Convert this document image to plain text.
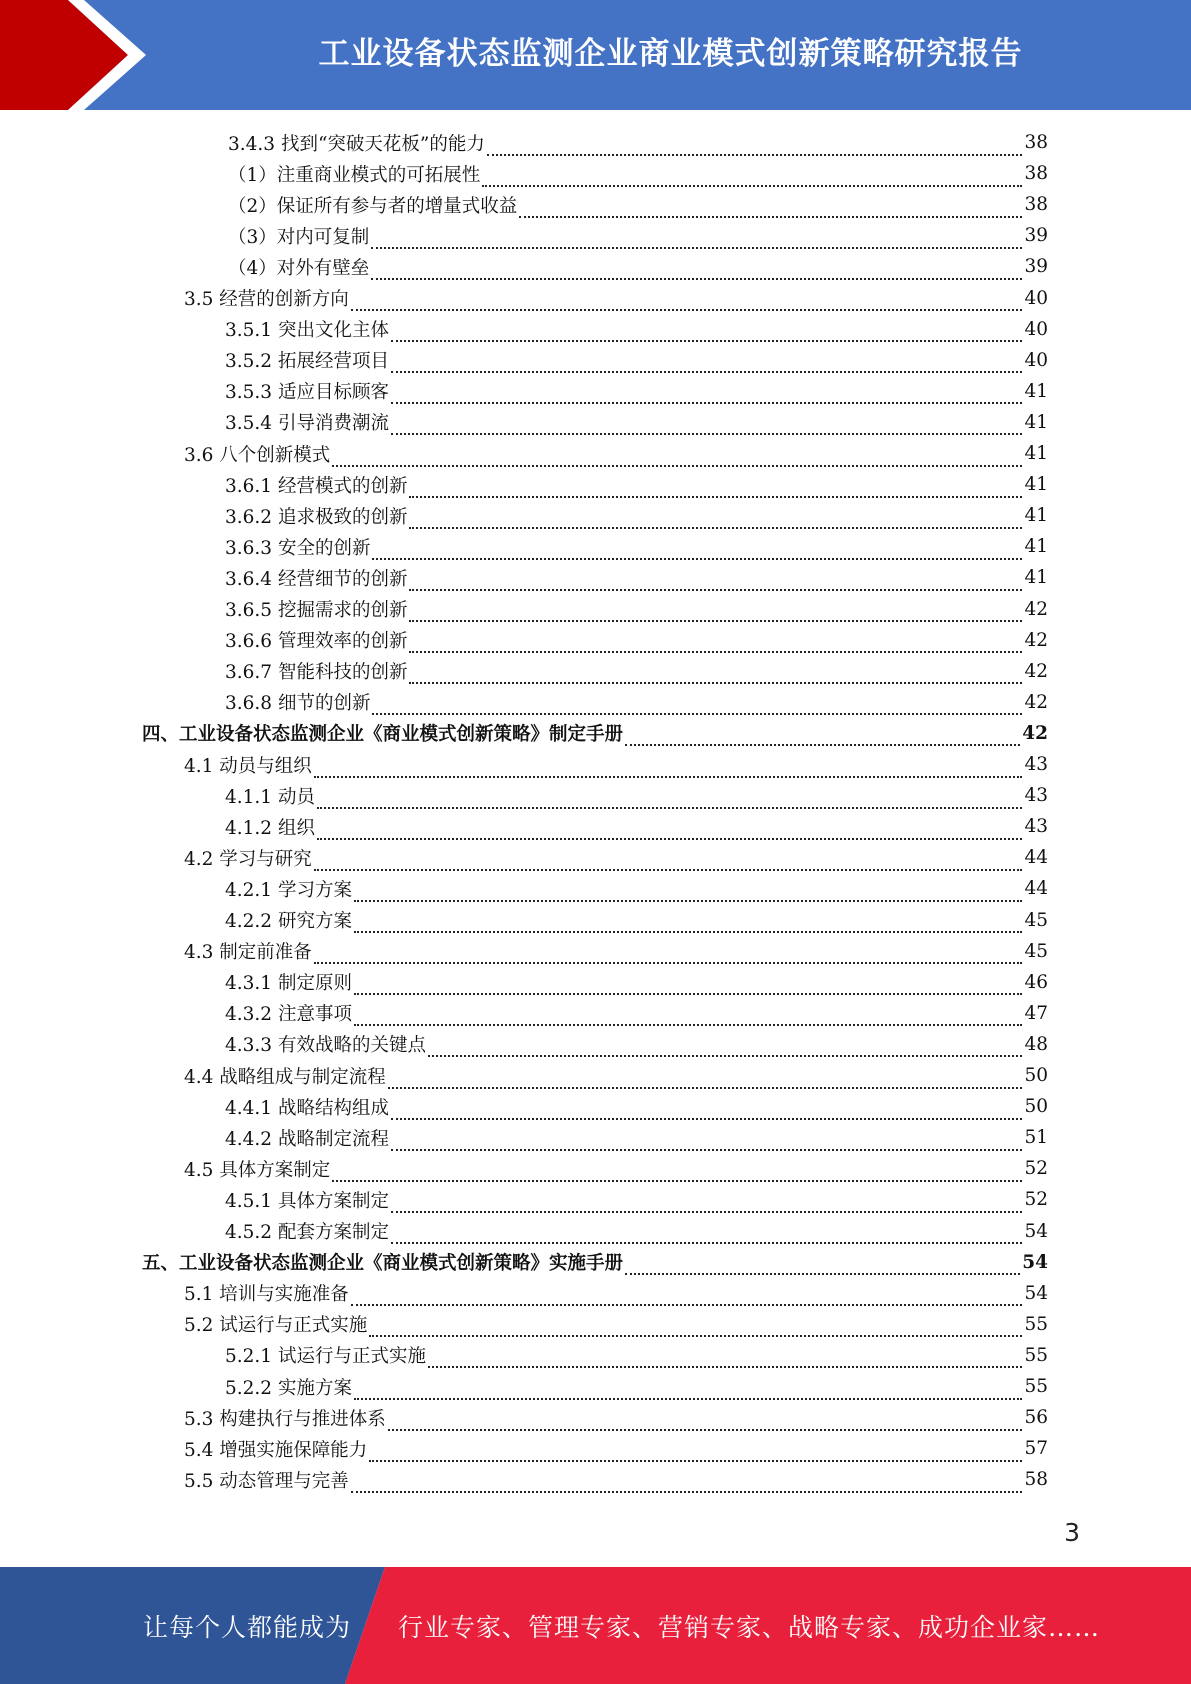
工业设备状态监测企业商业模式创新策略研究报告
3.4.3 找到“突破天花板”的能力	38
（1）注重商业模式的可拓展性	38
（2）保证所有参与者的增量式收益	38
（3）对内可复制	39
（4）对外有壁垒	39
3.5 经营的创新方向	40
3.5.1 突出文化主体	40
3.5.2 拓展经营项目	40
3.5.3 适应目标顾客	41
3.5.4 引导消费潮流	41
3.6 八个创新模式	41
3.6.1 经营模式的创新	41
3.6.2 追求极致的创新	41
3.6.3 安全的创新	41
3.6.4 经营细节的创新	41
3.6.5 挖掘需求的创新	42
3.6.6 管理效率的创新	42
3.6.7 智能科技的创新	42
3.6.8 细节的创新	42
四、工业设备状态监测企业《商业模式创新策略》制定手册	42
4.1 动员与组织	43
4.1.1 动员	43
4.1.2 组织	43
4.2 学习与研究	44
4.2.1 学习方案	44
4.2.2 研究方案	45
4.3 制定前准备	45
4.3.1 制定原则	46
4.3.2 注意事项	47
4.3.3 有效战略的关键点	48
4.4 战略组成与制定流程	50
4.4.1 战略结构组成	50
4.4.2 战略制定流程	51
4.5 具体方案制定	52
4.5.1 具体方案制定	52
4.5.2 配套方案制定	54
五、工业设备状态监测企业《商业模式创新策略》实施手册	54
5.1 培训与实施准备	54
5.2 试运行与正式实施	55
5.2.1 试运行与正式实施	55
5.2.2 实施方案	55
5.3 构建执行与推进体系	56
5.4 增强实施保障能力	57
5.5 动态管理与完善	58
3
让每个人都能成为 行业专家、管理专家、营销专家、战略专家、成功企业家……
